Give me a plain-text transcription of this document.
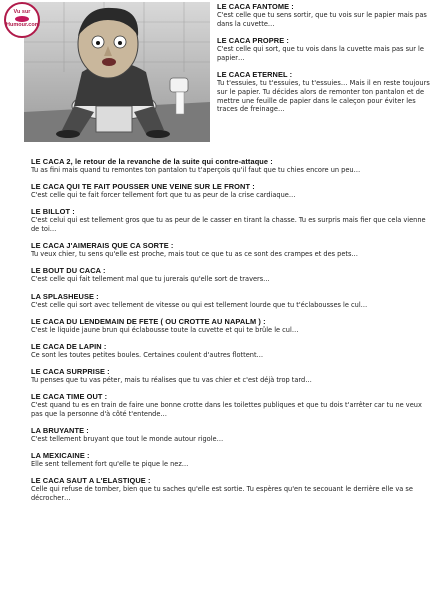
Vu sur
Humour.com
LE CACA FANTOME :
C'est celle que tu sens sortir, que tu vois sur le papier mais pas dans la cuvette…
LE CACA PROPRE :
C'est celle qui sort, que tu vois dans la cuvette mais pas sur le papier…
LE CACA ETERNEL :
Tu t'essuies, tu t'essuies, tu t'essuies… Mais il en reste toujours sur le papier. Tu décides alors de remonter ton pantalon et de mettre une feuille de papier dans le caleçon pour éviter les traces de freinage…
LE CACA 2, le retour de la revanche de la suite qui contre-attaque :
Tu as fini mais quand tu remontes ton pantalon tu t'aperçois qu'il faut que tu chies encore un peu…
LE CACA QUI TE FAIT POUSSER UNE VEINE SUR LE FRONT :
C'est celle qui te fait forcer tellement fort que tu as peur de la crise cardiaque…
LE BILLOT :
C'est celui qui est tellement gros que tu as peur de le casser en tirant la chasse. Tu es surpris mais fier que cela vienne de toi…
LE CACA J'AIMERAIS QUE CA SORTE :
Tu veux chier, tu sens qu'elle est proche, mais tout ce que tu as ce sont des crampes et des pets…
LE BOUT DU CACA :
C'est celle qui fait tellement mal que tu jurerais qu'elle sort de travers…
LA SPLASHEUSE :
C'est celle qui sort avec tellement de vitesse ou qui est tellement lourde que tu t'éclabousses le cul…
LE CACA DU LENDEMAIN DE FETE ( OU CROTTE AU NAPALM ) :
C'est le liquide jaune brun qui éclabousse toute la cuvette et qui te brûle le cul…
LE CACA DE LAPIN :
Ce sont les toutes petites boules. Certaines coulent d'autres flottent…
LE CACA SURPRISE :
Tu penses que tu vas péter, mais tu réalises que tu vas chier et c'est déjà trop tard…
LE CACA TIME OUT :
C'est quand tu es en train de faire une bonne crotte dans les toilettes publiques et que tu dois t'arrêter car tu ne veux pas que la personne d'à côté t'entende…
LA BRUYANTE :
C'est tellement bruyant que tout le monde autour rigole…
LA MEXICAINE :
Elle sent tellement fort qu'elle te pique le nez…
LE CACA SAUT A L'ELASTIQUE :
Celle qui refuse de tomber, bien que tu saches qu'elle est sortie. Tu espères qu'en te secouant le derrière elle va se décrocher…
